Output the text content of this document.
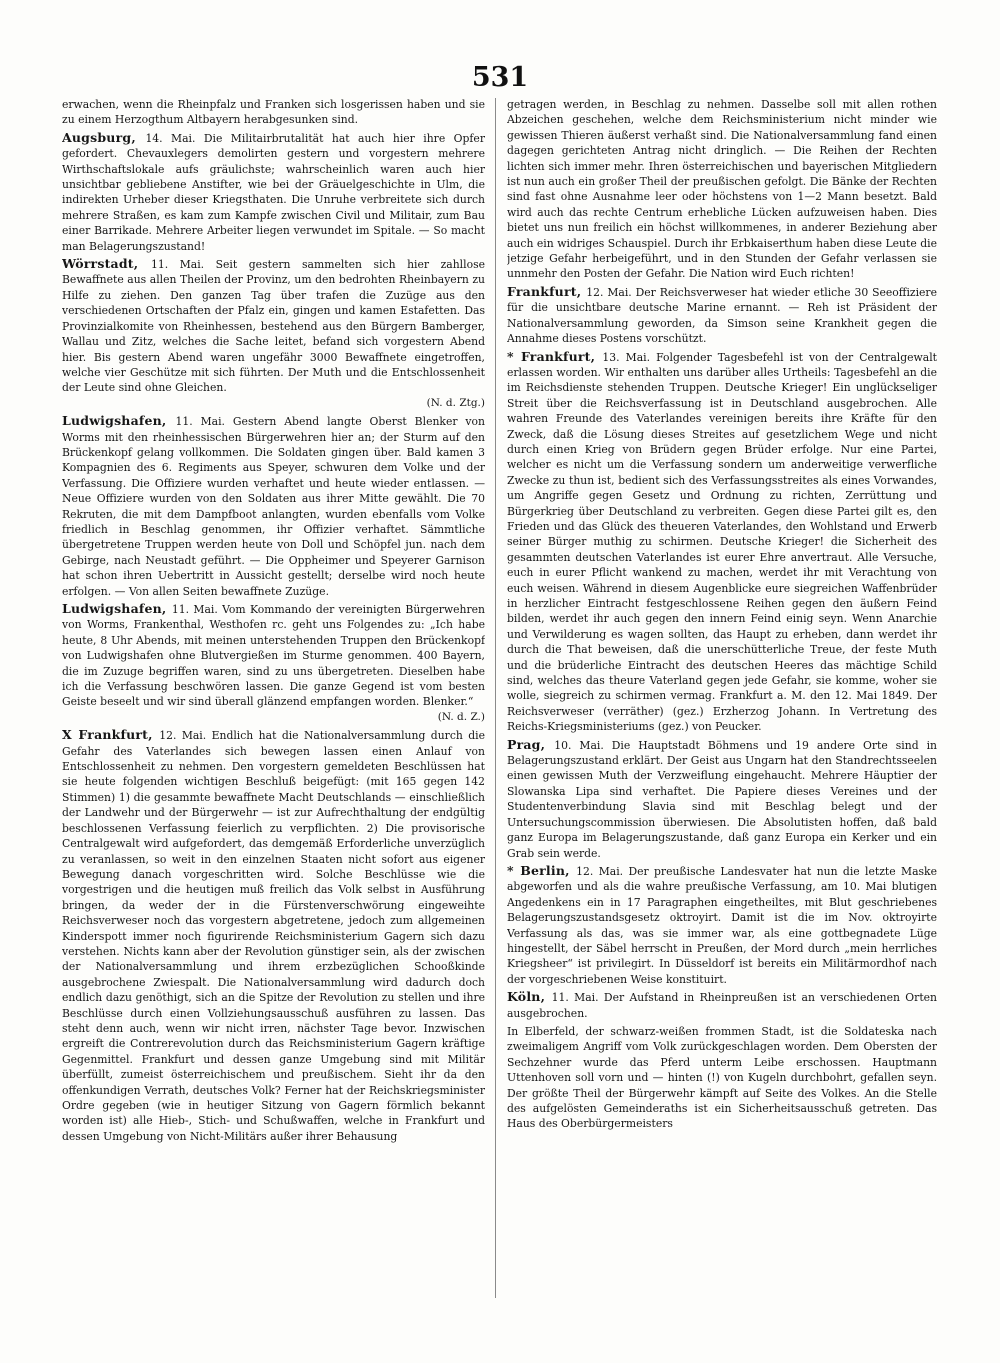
531

erwachen, wenn die Rheinpfalz und Franken sich losgerissen haben und sie zu einem Herzogthum Altbayern herabgesunken sind.

Augsburg, 14. Mai. Die Militairbrutalität hat auch hier ihre Opfer gefordert. Chevauxlegers demolirten gestern und vorgestern mehrere Wirthschaftslokale aufs gräulichste; wahrscheinlich waren auch hier unsichtbar gebliebene Anstifter, wie bei der Gräuelgeschichte in Ulm, die indirekten Urheber dieser Kriegsthaten. Die Unruhe verbreitete sich durch mehrere Straßen, es kam zum Kampfe zwischen Civil und Militair, zum Bau einer Barrikade. Mehrere Arbeiter liegen verwundet im Spitale. — So macht man Belagerungszustand!

Wörrstadt, 11. Mai. Seit gestern sammelten sich hier zahllose Bewaffnete aus allen Theilen der Provinz, um den bedrohten Rheinbayern zu Hilfe zu ziehen. Den ganzen Tag über trafen die Zuzüge aus den verschiedenen Ortschaften der Pfalz ein, gingen und kamen Estafetten. Das Provinzialkomite von Rheinhessen, bestehend aus den Bürgern Bamberger, Wallau und Zitz, welches die Sache leitet, befand sich vorgestern Abend hier. Bis gestern Abend waren ungefähr 3000 Bewaffnete eingetroffen, welche vier Geschütze mit sich führten. Der Muth und die Entschlossenheit der Leute sind ohne Gleichen.
(N. d. Ztg.)

Ludwigshafen, 11. Mai. Gestern Abend langte Oberst Blenker von Worms mit den rheinhessischen Bürgerwehren hier an; der Sturm auf den Brückenkopf gelang vollkommen. Die Soldaten gingen über. Bald kamen 3 Kompagnien des 6. Regiments aus Speyer, schwuren dem Volke und der Verfassung. Die Offiziere wurden verhaftet und heute wieder entlassen. — Neue Offiziere wurden von den Soldaten aus ihrer Mitte gewählt. Die 70 Rekruten, die mit dem Dampfboot anlangten, wurden ebenfalls vom Volke friedlich in Beschlag genommen, ihr Offizier verhaftet. Sämmtliche übergetretene Truppen werden heute von Doll und Schöpfel jun. nach dem Gebirge, nach Neustadt geführt. — Die Oppheimer und Speyerer Garnison hat schon ihren Uebertritt in Aussicht gestellt; derselbe wird noch heute erfolgen. — Von allen Seiten bewaffnete Zuzüge.

Ludwigshafen, 11. Mai. Vom Kommando der vereinigten Bürgerwehren von Worms, Frankenthal, Westhofen rc. geht uns Folgendes zu: „Ich habe heute, 8 Uhr Abends, mit meinen unterstehenden Truppen den Brückenkopf von Ludwigshafen ohne Blutvergießen im Sturme genommen. 400 Bayern, die im Zuzuge begriffen waren, sind zu uns übergetreten. Dieselben habe ich die Verfassung beschwören lassen. Die ganze Gegend ist vom besten Geiste beseelt und wir sind überall glänzend empfangen worden. Blenker.“
(N. d. Z.)

X Frankfurt, 12. Mai. Endlich hat die Nationalversammlung durch die Gefahr des Vaterlandes sich bewegen lassen einen Anlauf von Entschlossenheit zu nehmen. Den vorgestern gemeldeten Beschlüssen hat sie heute folgenden wichtigen Beschluß beigefügt: (mit 165 gegen 142 Stimmen) 1) die gesammte bewaffnete Macht Deutschlands — einschließlich der Landwehr und der Bürgerwehr — ist zur Aufrechthaltung der endgültig beschlossenen Verfassung feierlich zu verpflichten. 2) Die provisorische Centralgewalt wird aufgefordert, das demgemäß Erforderliche unverzüglich zu veranlassen, so weit in den einzelnen Staaten nicht sofort aus eigener Bewegung danach vorgeschritten wird. Solche Beschlüsse wie die vorgestrigen und die heutigen muß freilich das Volk selbst in Ausführung bringen, da weder der in die Fürstenverschwörung eingeweihte Reichsverweser noch das vorgestern abgetretene, jedoch zum allgemeinen Kinderspott immer noch figurirende Reichsministerium Gagern sich dazu verstehen. Nichts kann aber der Revolution günstiger sein, als der zwischen der Nationalversammlung und ihrem erzbezüglichen Schooßkinde ausgebrochene Zwiespalt. Die Nationalversammlung wird dadurch doch endlich dazu genöthigt, sich an die Spitze der Revolution zu stellen und ihre Beschlüsse durch einen Vollziehungsausschuß ausführen zu lassen. Das steht denn auch, wenn wir nicht irren, nächster Tage bevor. Inzwischen ergreift die Contrerevolution durch das Reichsministerium Gagern kräftige Gegenmittel. Frankfurt und dessen ganze Umgebung sind mit Militär überfüllt, zumeist österreichischem und preußischem. Sieht ihr da den offenkundigen Verrath, deutsches Volk? Ferner hat der Reichskriegsminister Ordre gegeben (wie in heutiger Sitzung von Gagern förmlich bekannt worden ist) alle Hieb-, Stich- und Schußwaffen, welche in Frankfurt und dessen Umgebung von Nicht-Militärs außer ihrer Behausung

getragen werden, in Beschlag zu nehmen. Dasselbe soll mit allen rothen Abzeichen geschehen, welche dem Reichsministerium nicht minder wie gewissen Thieren äußerst verhaßt sind. Die Nationalversammlung fand einen dagegen gerichteten Antrag nicht dringlich. — Die Reihen der Rechten lichten sich immer mehr. Ihren österreichischen und bayerischen Mitgliedern ist nun auch ein großer Theil der preußischen gefolgt. Die Bänke der Rechten sind fast ohne Ausnahme leer oder höchstens von 1—2 Mann besetzt. Bald wird auch das rechte Centrum erhebliche Lücken aufzuweisen haben. Dies bietet uns nun freilich ein höchst willkommenes, in anderer Beziehung aber auch ein widriges Schauspiel. Durch ihr Erbkaiserthum haben diese Leute die jetzige Gefahr herbeigeführt, und in den Stunden der Gefahr verlassen sie unnmehr den Posten der Gefahr. Die Nation wird Euch richten!

Frankfurt, 12. Mai. Der Reichsverweser hat wieder etliche 30 Seeoffiziere für die unsichtbare deutsche Marine ernannt. — Reh ist Präsident der Nationalversammlung geworden, da Simson seine Krankheit gegen die Annahme dieses Postens vorschützt.

* Frankfurt, 13. Mai. Folgender Tagesbefehl ist von der Centralgewalt erlassen worden. Wir enthalten uns darüber alles Urtheils: Tagesbefehl an die im Reichsdienste stehenden Truppen. Deutsche Krieger! Ein unglückseliger Streit über die Reichsverfassung ist in Deutschland ausgebrochen. Alle wahren Freunde des Vaterlandes vereinigen bereits ihre Kräfte für den Zweck, daß die Lösung dieses Streites auf gesetzlichem Wege und nicht durch einen Krieg von Brüdern gegen Brüder erfolge. Nur eine Partei, welcher es nicht um die Verfassung sondern um anderweitige verwerfliche Zwecke zu thun ist, bedient sich des Verfassungsstreites als eines Vorwandes, um Angriffe gegen Gesetz und Ordnung zu richten, Zerrüttung und Bürgerkrieg über Deutschland zu verbreiten. Gegen diese Partei gilt es, den Frieden und das Glück des theueren Vaterlandes, den Wohlstand und Erwerb seiner Bürger muthig zu schirmen. Deutsche Krieger! die Sicherheit des gesammten deutschen Vaterlandes ist eurer Ehre anvertraut. Alle Versuche, euch in eurer Pflicht wankend zu machen, werdet ihr mit Verachtung von euch weisen. Während in diesem Augenblicke eure siegreichen Waffenbrüder in herzlicher Eintracht festgeschlossene Reihen gegen den äußern Feind bilden, werdet ihr auch gegen den innern Feind einig seyn. Wenn Anarchie und Verwilderung es wagen sollten, das Haupt zu erheben, dann werdet ihr durch die That beweisen, daß die unerschütterliche Treue, der feste Muth und die brüderliche Eintracht des deutschen Heeres das mächtige Schild sind, welches das theure Vaterland gegen jede Gefahr, sie komme, woher sie wolle, siegreich zu schirmen vermag. Frankfurt a. M. den 12. Mai 1849. Der Reichsverweser (verräther) (gez.) Erzherzog Johann. In Vertretung des Reichs-Kriegsministeriums (gez.) von Peucker.

Prag, 10. Mai. Die Hauptstadt Böhmens und 19 andere Orte sind in Belagerungszustand erklärt. Der Geist aus Ungarn hat den Standrechtsseelen einen gewissen Muth der Verzweiflung eingehaucht. Mehrere Häuptier der Slowanska Lipa sind verhaftet. Die Papiere dieses Vereines und der Studentenverbindung Slavia sind mit Beschlag belegt und der Untersuchungscommission überwiesen. Die Absolutisten hoffen, daß bald ganz Europa im Belagerungszustande, daß ganz Europa ein Kerker und ein Grab sein werde.

* Berlin, 12. Mai. Der preußische Landesvater hat nun die letzte Maske abgeworfen und als die wahre preußische Verfassung, am 10. Mai blutigen Angedenkens ein in 17 Paragraphen eingetheiltes, mit Blut geschriebenes Belagerungszustandsgesetz oktroyirt. Damit ist die im Nov. oktroyirte Verfassung als das, was sie immer war, als eine gottbegnadete Lüge hingestellt, der Säbel herrscht in Preußen, der Mord durch „mein herrliches Kriegsheer“ ist privilegirt. In Düsseldorf ist bereits ein Militärmordhof nach der vorgeschriebenen Weise konstituirt.

Köln, 11. Mai. Der Aufstand in Rheinpreußen ist an verschiedenen Orten ausgebrochen.

In Elberfeld, der schwarz-weißen frommen Stadt, ist die Soldateska nach zweimaligem Angriff vom Volk zurückgeschlagen worden. Dem Obersten der Sechzehner wurde das Pferd unterm Leibe erschossen. Hauptmann Uttenhoven soll vorn und — hinten (!) von Kugeln durchbohrt, gefallen seyn. Der größte Theil der Bürgerwehr kämpft auf Seite des Volkes. An die Stelle des aufgelösten Gemeinderaths ist ein Sicherheitsausschuß getreten. Das Haus des Oberbürgermeisters
